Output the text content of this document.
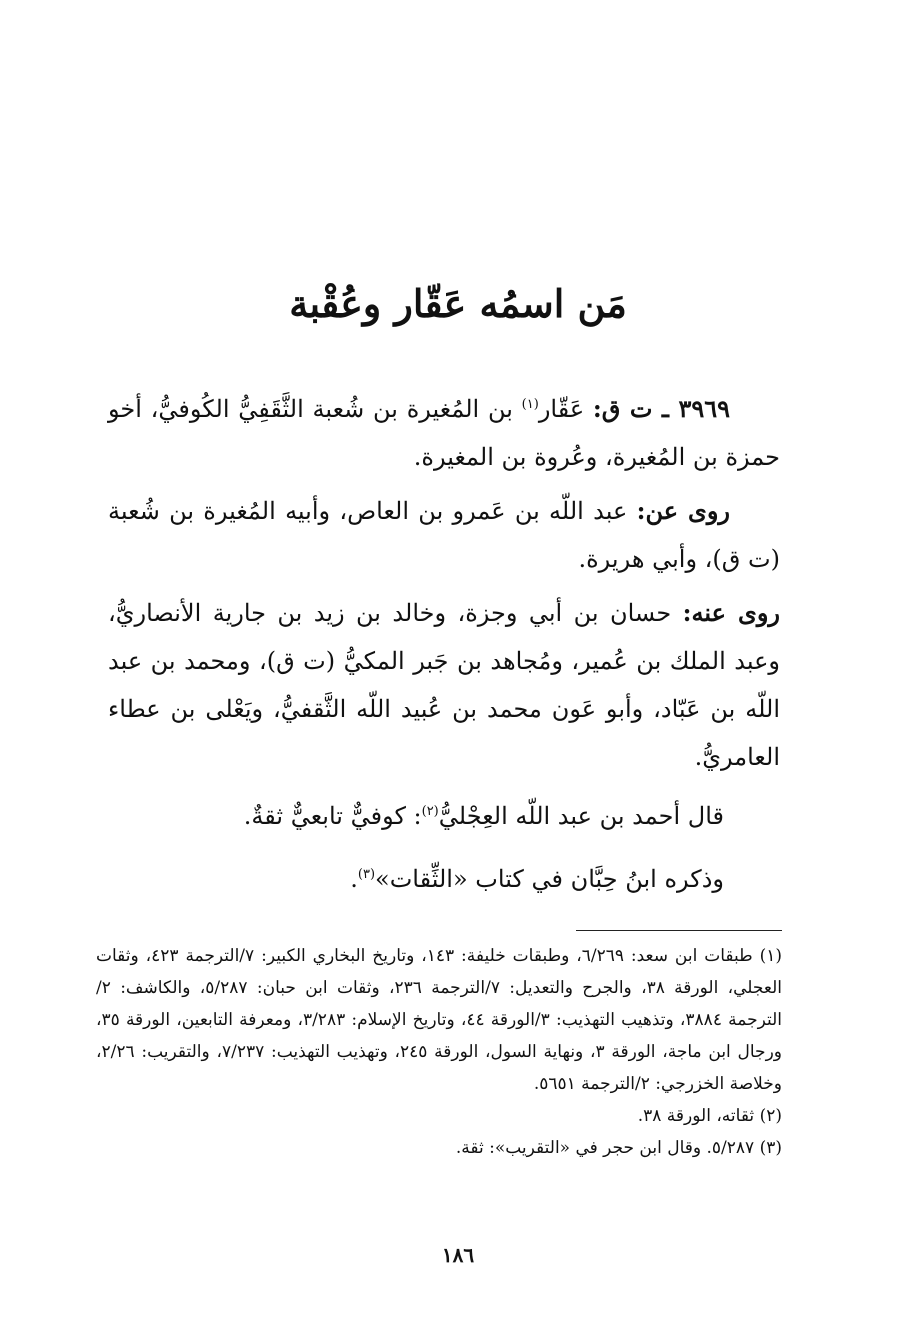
مَن اسمُه عَقّار وعُقْبة

٣٩٦٩ ـ ت ق: عَقّار$^{(١)}$ بن المُغيرة بن شُعبة الثَّقَفِيُّ الكُوفيُّ، أخو حمزة بن المُغيرة، وعُروة بن المغيرة.

روى عن: عبد اللّه بن عَمرو بن العاص، وأبيه المُغيرة بن شُعبة (ت ق)، وأبي هريرة.

روى عنه: حسان بن أبي وجزة، وخالد بن زيد بن جارية الأنصاريُّ، وعبد الملك بن عُمير، ومُجاهد بن جَبر المكيُّ (ت ق)، ومحمد بن عبد اللّه بن عَبّاد، وأبو عَون محمد بن عُبيد اللّه الثَّقفيُّ، ويَعْلى بن عطاء العامريُّ.

قال أحمد بن عبد اللّه العِجْليُّ$^{(٢)}$: كوفيٌّ تابعيٌّ ثقةٌ.
وذكره ابنُ حِبَّان في كتاب «الثِّقات»$^{(٣)}$.

(١) طبقات ابن سعد: ٦/٢٦٩، وطبقات خليفة: ١٤٣، وتاريخ البخاري الكبير: ٧/الترجمة ٤٢٣، وثقات العجلي، الورقة ٣٨، والجرح والتعديل: ٧/الترجمة ٢٣٦، وثقات ابن حبان: ٥/٢٨٧، والكاشف: ٢/الترجمة ٣٨٨٤، وتذهيب التهذيب: ٣/الورقة ٤٤، وتاريخ الإسلام: ٣/٢٨٣، ومعرفة التابعين، الورقة ٣٥، ورجال ابن ماجة، الورقة ٣، ونهاية السول، الورقة ٢٤٥، وتهذيب التهذيب: ٧/٢٣٧، والتقريب: ٢/٢٦، وخلاصة الخزرجي: ٢/الترجمة ٥٦٥١.

(٢) ثقاته، الورقة ٣٨.

(٣) ٥/٢٨٧. وقال ابن حجر في «التقريب»: ثقة.

١٨٦
